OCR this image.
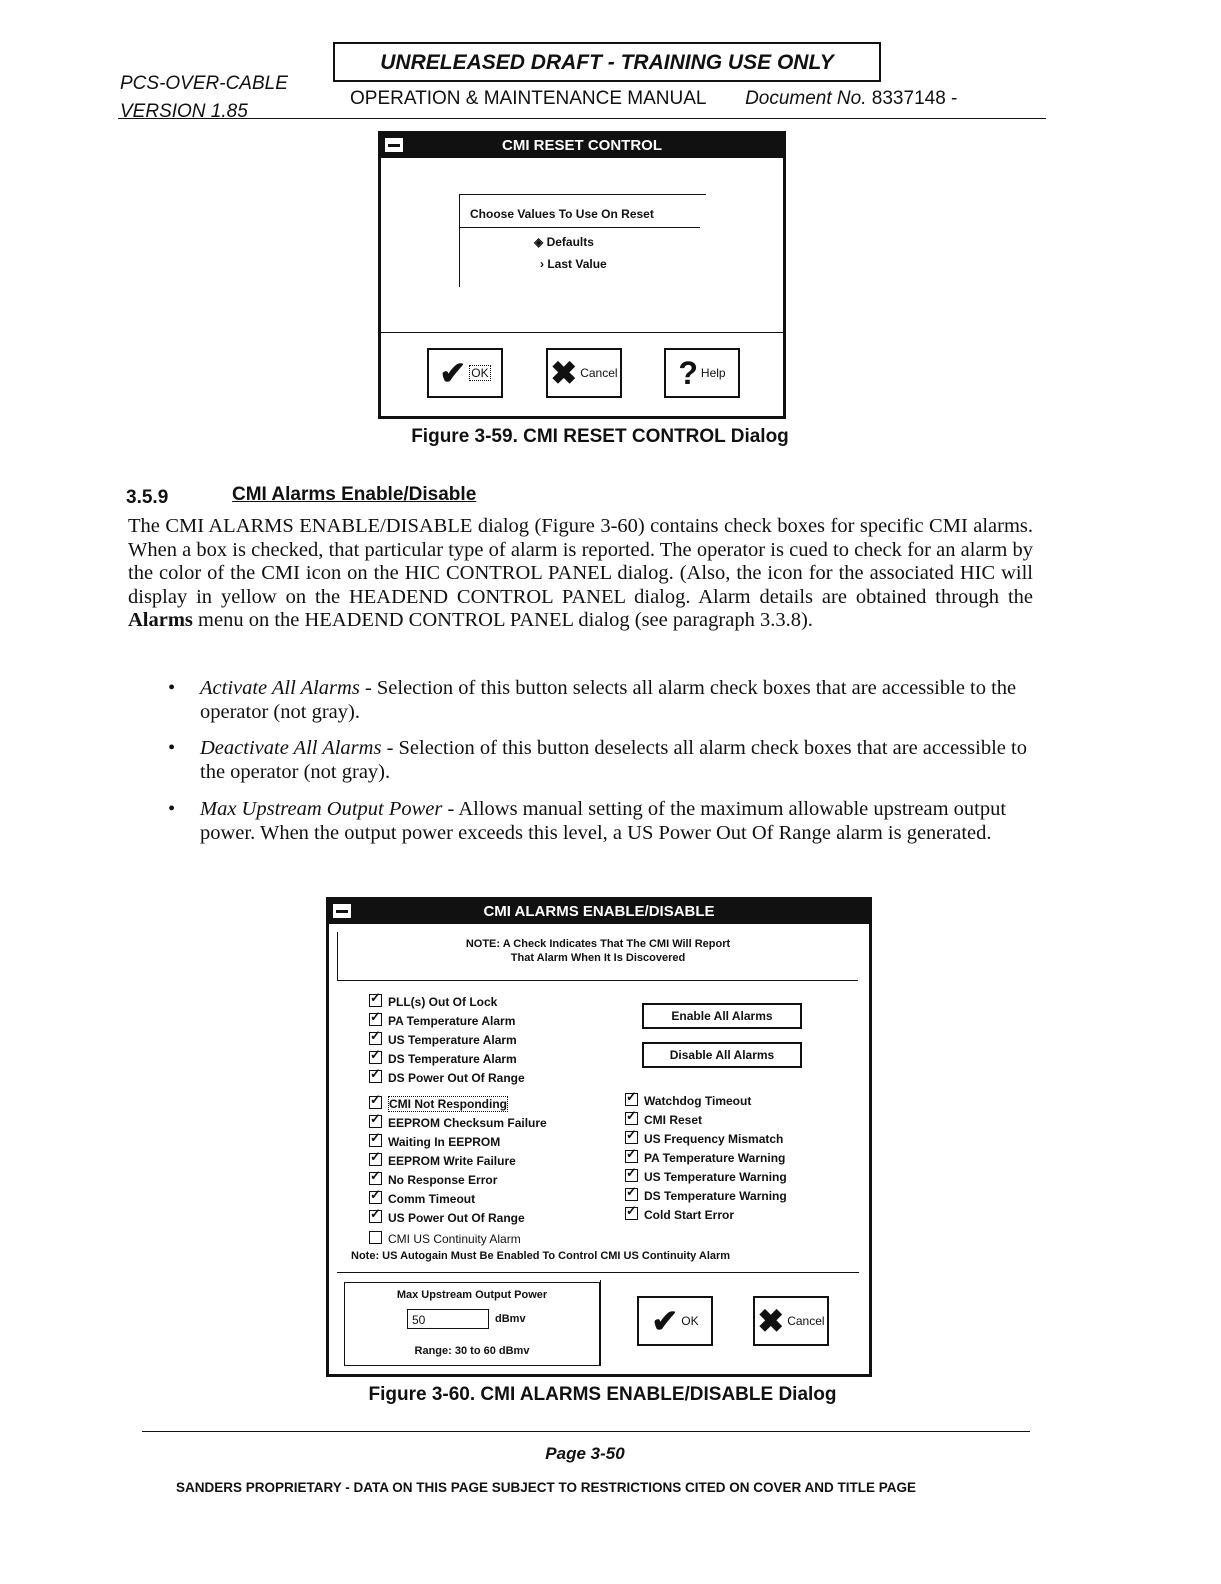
PCS-OVER-CABLE
VERSION 1.85
UNRELEASED DRAFT - TRAINING USE ONLY
OPERATION & MAINTENANCE MANUAL Document No. 8337148 -
CMI RESET CONTROL
Choose Values To Use On Reset
◈ Defaults
› Last Value
✔ OK ✖ Cancel ? Help
Figure 3-59. CMI RESET CONTROL Dialog
3.5.9	CMI Alarms Enable/Disable
The CMI ALARMS ENABLE/DISABLE dialog (Figure 3-60) contains check boxes for specific CMI alarms. When a box is checked, that particular type of alarm is reported. The operator is cued to check for an alarm by the color of the CMI icon on the HIC CONTROL PANEL dialog. (Also, the icon for the associated HIC will display in yellow on the HEADEND CONTROL PANEL dialog. Alarm details are obtained through the Alarms menu on the HEADEND CONTROL PANEL dialog (see paragraph 3.3.8).
• Activate All Alarms - Selection of this button selects all alarm check boxes that are accessible to the operator (not gray).
• Deactivate All Alarms - Selection of this button deselects all alarm check boxes that are accessible to the operator (not gray).
• Max Upstream Output Power - Allows manual setting of the maximum allowable upstream output power. When the output power exceeds this level, a US Power Out Of Range alarm is generated.
CMI ALARMS ENABLE/DISABLE
NOTE: A Check Indicates That The CMI Will Report
That Alarm When It Is Discovered
✓PLL(s) Out Of Lock
✓PA Temperature Alarm
✓US Temperature Alarm
✓DS Temperature Alarm
✓DS Power Out Of Range
✓CMI Not Responding
✓EEPROM Checksum Failure
✓Waiting In EEPROM
✓EEPROM Write Failure
✓No Response Error
✓Comm Timeout
✓US Power Out Of Range
CMI US Continuity Alarm
Enable All Alarms
Disable All Alarms
✓Watchdog Timeout
✓CMI Reset
✓US Frequency Mismatch
✓PA Temperature Warning
✓US Temperature Warning
✓DS Temperature Warning
✓Cold Start Error
Note: US Autogain Must Be Enabled To Control CMI US Continuity Alarm
Max Upstream Output Power
50	dBmv
Range: 30 to 60 dBmv
✔ OK ✖ Cancel
Figure 3-60. CMI ALARMS ENABLE/DISABLE Dialog
Page 3-50
SANDERS PROPRIETARY - DATA ON THIS PAGE SUBJECT TO RESTRICTIONS CITED ON COVER AND TITLE PAGE
